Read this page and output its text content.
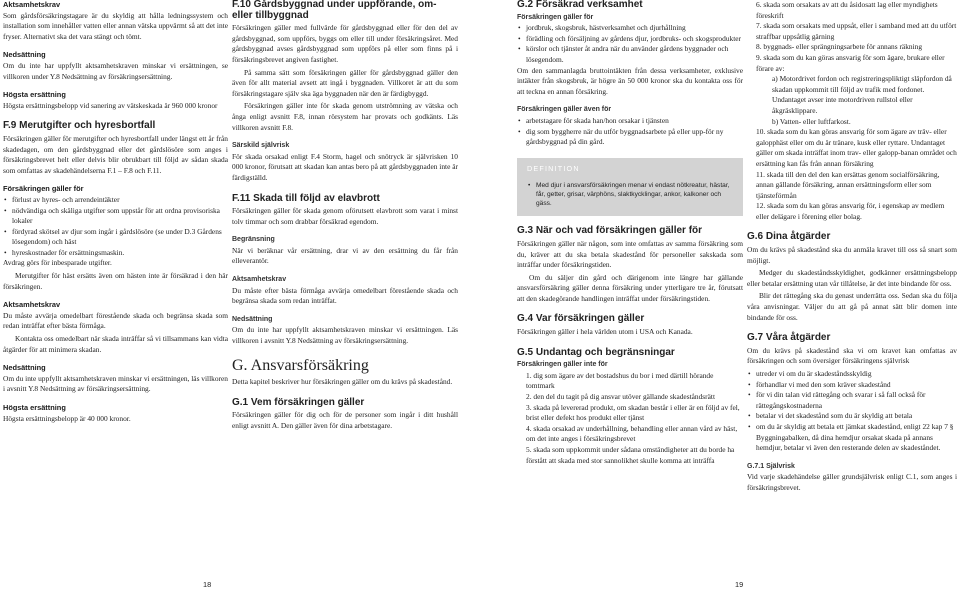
Aktsamhetskrav

Som gårdsförsäkringstagare är du skyldig att hålla ledningssystem och installation som innehåller vatten eller annan vätska uppvärmt så att det inte fryser. Alternativt ska det vara stängt och tömt.

Nedsättning

Om du inte har uppfyllt aktsamhetskraven minskar vi ersättningen, se villkoren under Y.8 Nedsättning av försäkringsersättning.

Högsta ersättning

Högsta ersättningsbelopp vid sanering av vätskeskada är 960 000 kronor

F.9 Merutgifter och hyresbortfall

Försäkringen gäller för merutgifter och hyresbortfall under längst ett år från skadedagen, om den gårdsbyggnad eller det gårdslösöre som anges i försäkringsbrevet helt eller delvis blir obrukbart till följd av sådan skada som omfattas av skadehändelserna F.1 – F.8 och F.11.

Försäkringen gäller för
• förlust av hyres- och arrendeintäkter
• nödvändiga och skäliga utgifter som uppstår för att ordna provisoriska lokaler
• fördyrad skötsel av djur som ingår i gårdslösöre (se under D.3 Gårdens lösegendom) och häst
• hyreskostnader för ersättningsmaskin.

Avdrag görs för inbesparade utgifter.

Merutgifter för häst ersätts även om hästen inte är försäkrad i den här försäkringen.

Aktsamhetskrav

Du måste avvärja omedelbart förestående skada och begränsa skada som redan inträffat efter bästa förmåga.

Kontakta oss omedelbart när skada inträffar så vi tillsammans kan vidta åtgärder för att minimera skadan.

Nedsättning

Om du inte uppfyllt aktsamhetskraven minskar vi ersättningen, läs villkoren i avsnitt Y.8 Nedsättning av försäkringsersättning.

Högsta ersättning

Högsta ersättningsbelopp är 40 000 kronor.

F.10 Gårdsbyggnad under uppförande, om- eller tillbyggnad

Försäkringen gäller med fullvärde för gårdsbyggnad eller för den del av gårdsbyggnad, som uppförs, byggs om eller till under försäkringsåret. Med gårdsbyggnad avses gårdsbyggnad som uppförs på eller som finns på i försäkringsbrevet angiven fastighet.

På samma sätt som försäkringen gäller för gårdsbyggnad gäller den även för allt material avsett att ingå i byggnaden. Villkoret är att du som försäkringstagare själv ska äga byggnaden när den är färdigbyggd.

Försäkringen gäller inte för skada genom utströmning av vätska och ånga enligt avsnitt F.8, innan rörsystem har provats och godkänts. Läs villkoren avsnitt F.8.

Särskild självrisk

För skada orsakad enligt F.4 Storm, hagel och snötryck är självrisken 10 000 kronor, förutsatt att skadan kan antas bero på att gårdsbyggnaden inte är färdigställd.

F.11 Skada till följd av elavbrott

Försäkringen gäller för skada genom oförutsett elavbrott som varat i minst tolv timmar och som drabbar försäkrad egendom.

Begränsning

När vi beräknar vår ersättning, drar vi av den ersättning du får från elleverantör.

Aktsamhetskrav

Du måste efter bästa förmåga avvärja omedelbart förestående skada och begränsa skada som redan inträffat.

Nedsättning

Om du inte har uppfyllt aktsamhetskraven minskar vi ersättningen. Läs villkoren i avsnitt Y.8 Nedsättning av försäkringsersättning.

G. Ansvarsförsäkring

Detta kapitel beskriver hur försäkringen gäller om du krävs på skadestånd.

G.1 Vem försäkringen gäller

Försäkringen gäller för dig och för de personer som ingår i ditt hushåll enligt avsnitt A. Den gäller även för dina arbetstagare.

G.2 Försäkrad verksamhet
Försäkringen gäller för
• jordbruk, skogsbruk, hästverksamhet och djurhållning
• förädling och försäljning av gårdens djur, jordbruks- och skogsprodukter
• körslor och tjänster åt andra när du använder gårdens byggnader och lösegendom.

Om den sammanlagda bruttointäkten från dessa verksamheter, exklusive intäkter från skogsbruk, är högre än 50 000 kronor ska du kontakta oss för att teckna en annan försäkring.

Försäkringen gäller även för
• arbetstagare för skada han/hon orsakar i tjänsten
• dig som byggherre när du utför byggnadsarbete på eller upp-för ny gårdsbyggnad på din gård.
DEFINITION
• Med djur i ansvarsförsäkringen menar vi endast nötkreatur, hästar, får, getter, grisar, värphöns, slaktkycklingar, ankor, kalkoner och gäss.
G.3 När och vad försäkringen gäller för

Försäkringen gäller när någon, som inte omfattas av samma försäkring som du, kräver att du ska betala skadestånd för personeller sakskada som inträffar under försäkringstiden.

Om du säljer din gård och därigenom inte längre har gällande ansvarsförsäkring gäller denna försäkring under ytterligare tre år, förutsatt att den skadegörande handlingen inträffat under försäkringstiden.

G.4 Var försäkringen gäller

Försäkringen gäller i hela världen utom i USA och Kanada.

G.5 Undantag och begränsningar
Försäkringen gäller inte för
1. dig som ägare av det bostadshus du bor i med därtill hörande tomtmark
2. den del du tagit på dig ansvar utöver gällande skadeståndsrätt
3. skada på levererad produkt, om skadan består i eller är en följd av fel, brist eller defekt hos produkt eller tjänst
4. skada orsakad av underhållning, behandling eller annan vård av häst, om det inte anges i försäkringsbrevet
5. skada som uppkommit under sådana omständigheter att du borde ha förstått att skada med stor sannolikhet skulle komma att inträffa
6. skada som orsakats av att du åsidosatt lag eller myndighets föreskrift
7. skada som orsakats med uppsåt, eller i samband med att du utfört straffbar uppsåtlig gärning
8. byggnads- eller sprängningsarbete för annans räkning
9. skada som du kan göras ansvarig för som ägare, brukare eller förare av:
a) Motordrivet fordon och registreringspliktigt släpfordon då skadan uppkommit till följd av trafik med fordonet. Undantaget avser inte motordriven rullstol eller åkgräsklippare.
b) Vatten- eller luftfarkost.
10. skada som du kan göras ansvarig för som ägare av träv- eller galopphäst eller om du är tränare, kusk eller ryttare. Undantaget gäller om skada inträffat inom trav- eller galopp-banan området och ersättning kan fås från annan försäkring
11. skada till den del den kan ersättas genom socialförsäkring, annan gällande försäkring, annan ersättningsform eller som tjänsteförmån
12. skada som du kan göras ansvarig för, i egenskap av medlem eller delägare i förening eller bolag.
G.6 Dina åtgärder

Om du krävs på skadestånd ska du anmäla kravet till oss så snart som möjligt.

Medger du skadeståndsskyldighet, godkänner ersättningsbelopp eller betalar ersättning utan vår tillåtelse, är det inte bindande för oss.

Blir det rättegång ska du genast underrätta oss. Sedan ska du följa våra anvisningar. Väljer du att gå på annat sätt blir domen inte bindande för oss.

G.7 Våra åtgärder

Om du krävs på skadestånd ska vi om kravet kan omfattas av försäkringen och som översiger försäkringens självrisk

• utreder vi om du är skadeståndsskyldig
• förhandlar vi med den som kräver skadestånd
• för vi din talan vid rättegång och svarar i så fall också för rättegångskostnaderna
• betalar vi det skadestånd som du är skyldig att betala
• om du är skyldig att betala ett jämkat skadestånd, enligt 22 kap 7 § Byggningabalken, då dina hemdjur orsakat skada på annans hemdjur, betalar vi även den resterande delen av skadeståndet.
G.7.1 Självrisk

Vid varje skadehändelse gäller grundsjälvrisk enligt C.1, som anges i försäkringsbrevet.

18	19
